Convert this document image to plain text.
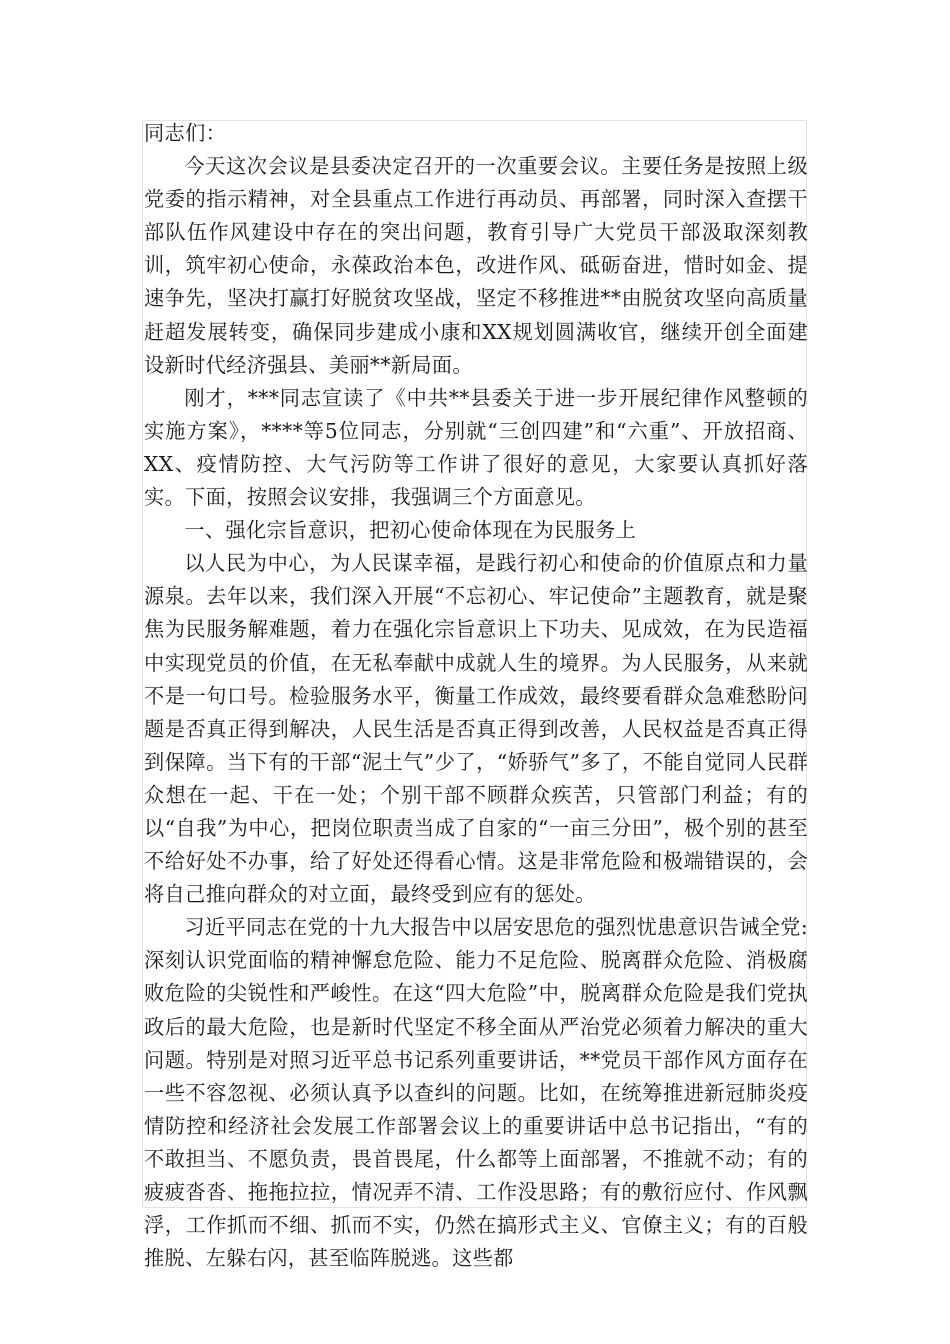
同志们：

今天这次会议是县委决定召开的一次重要会议。主要任务是按照上级党委的指示精神，对全县重点工作进行再动员、再部署，同时深入查摆干部队伍作风建设中存在的突出问题，教育引导广大党员干部汲取深刻教训，筑牢初心使命，永葆政治本色，改进作风、砥砺奋进，惜时如金、提速争先，坚决打赢打好脱贫攻坚战，坚定不移推进**由脱贫攻坚向高质量赶超发展转变，确保同步建成小康和XX规划圆满收官，继续开创全面建设新时代经济强县、美丽**新局面。

刚才，***同志宣读了《中共**县委关于进一步开展纪律作风整顿的实施方案》，****等5位同志，分别就“三创四建”和“六重”、开放招商、XX、疫情防控、大气污防等工作讲了很好的意见，大家要认真抓好落实。下面，按照会议安排，我强调三个方面意见。

一、强化宗旨意识，把初心使命体现在为民服务上

以人民为中心，为人民谋幸福，是践行初心和使命的价值原点和力量源泉。去年以来，我们深入开展“不忘初心、牢记使命”主题教育，就是聚焦为民服务解难题，着力在强化宗旨意识上下功夫、见成效，在为民造福中实现党员的价值，在无私奉献中成就人生的境界。为人民服务，从来就不是一句口号。检验服务水平，衡量工作成效，最终要看群众急难愁盼问题是否真正得到解决，人民生活是否真正得到改善，人民权益是否真正得到保障。当下有的干部“泥土气”少了，“娇骄气”多了，不能自觉同人民群众想在一起、干在一处；个别干部不顾群众疾苦，只管部门利益；有的以“自我”为中心，把岗位职责当成了自家的“一亩三分田”，极个别的甚至不给好处不办事，给了好处还得看心情。这是非常危险和极端错误的，会将自己推向群众的对立面，最终受到应有的惩处。

习近平同志在党的十九大报告中以居安思危的强烈忧患意识告诫全党:深刻认识党面临的精神懈怠危险、能力不足危险、脱离群众危险、消极腐败危险的尖锐性和严峻性。在这“四大危险”中，脱离群众危险是我们党执政后的最大危险，也是新时代坚定不移全面从严治党必须着力解决的重大问题。特别是对照习近平总书记系列重要讲话，**党员干部作风方面存在一些不容忽视、必须认真予以查纠的问题。比如，在统筹推进新冠肺炎疫情防控和经济社会发展工作部署会议上的重要讲话中总书记指出，“有的不敢担当、不愿负责，畏首畏尾，什么都等上面部署，不推就不动；有的疲疲沓沓、拖拖拉拉，情况弄不清、工作没思路；有的敷衍应付、作风飘浮，工作抓而不细、抓而不实，仍然在搞形式主义、官僚主义；有的百般推脱、左躲右闪，甚至临阵脱逃。这些都
